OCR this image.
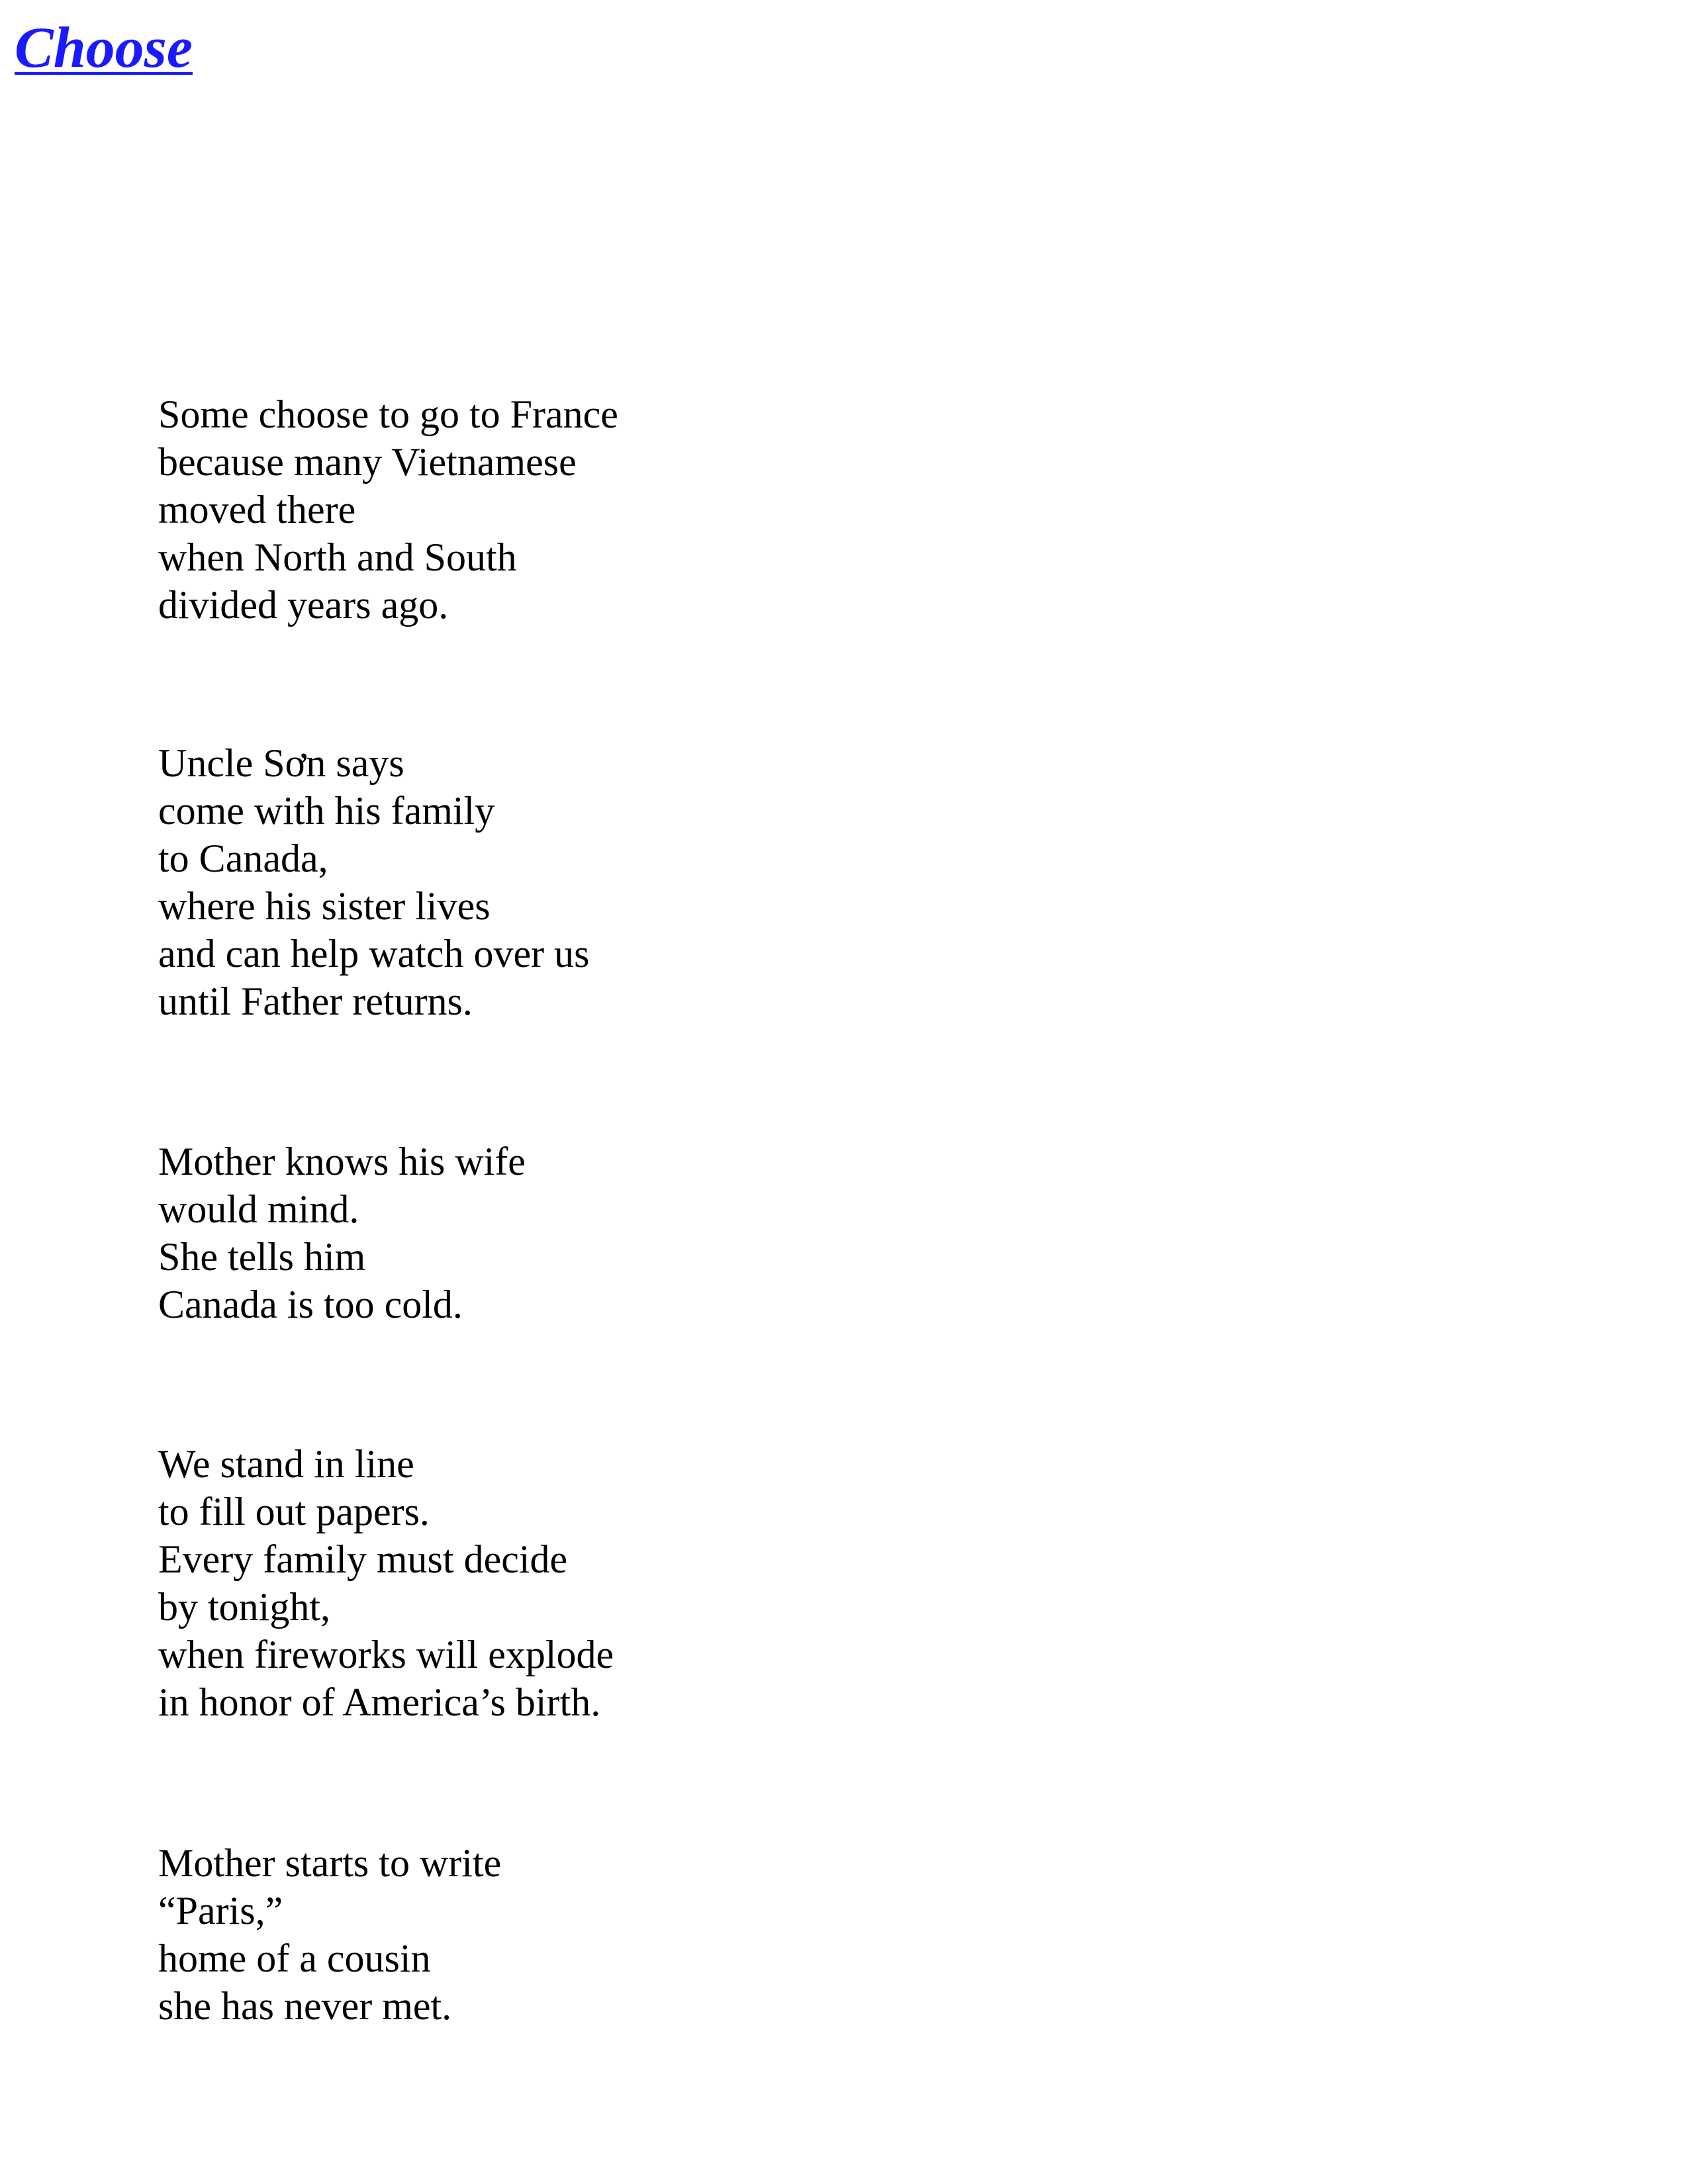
Choose
Some choose to go to France
because many Vietnamese
moved there
when North and South
divided years ago.
Uncle Sơn says
come with his family
to Canada,
where his sister lives
and can help watch over us
until Father returns.
Mother knows his wife
would mind.
She tells him
Canada is too cold.
We stand in line
to fill out papers.
Every family must decide
by tonight,
when fireworks will explode
in honor of America’s birth.
Mother starts to write
“Paris,”
home of a cousin
she has never met.
